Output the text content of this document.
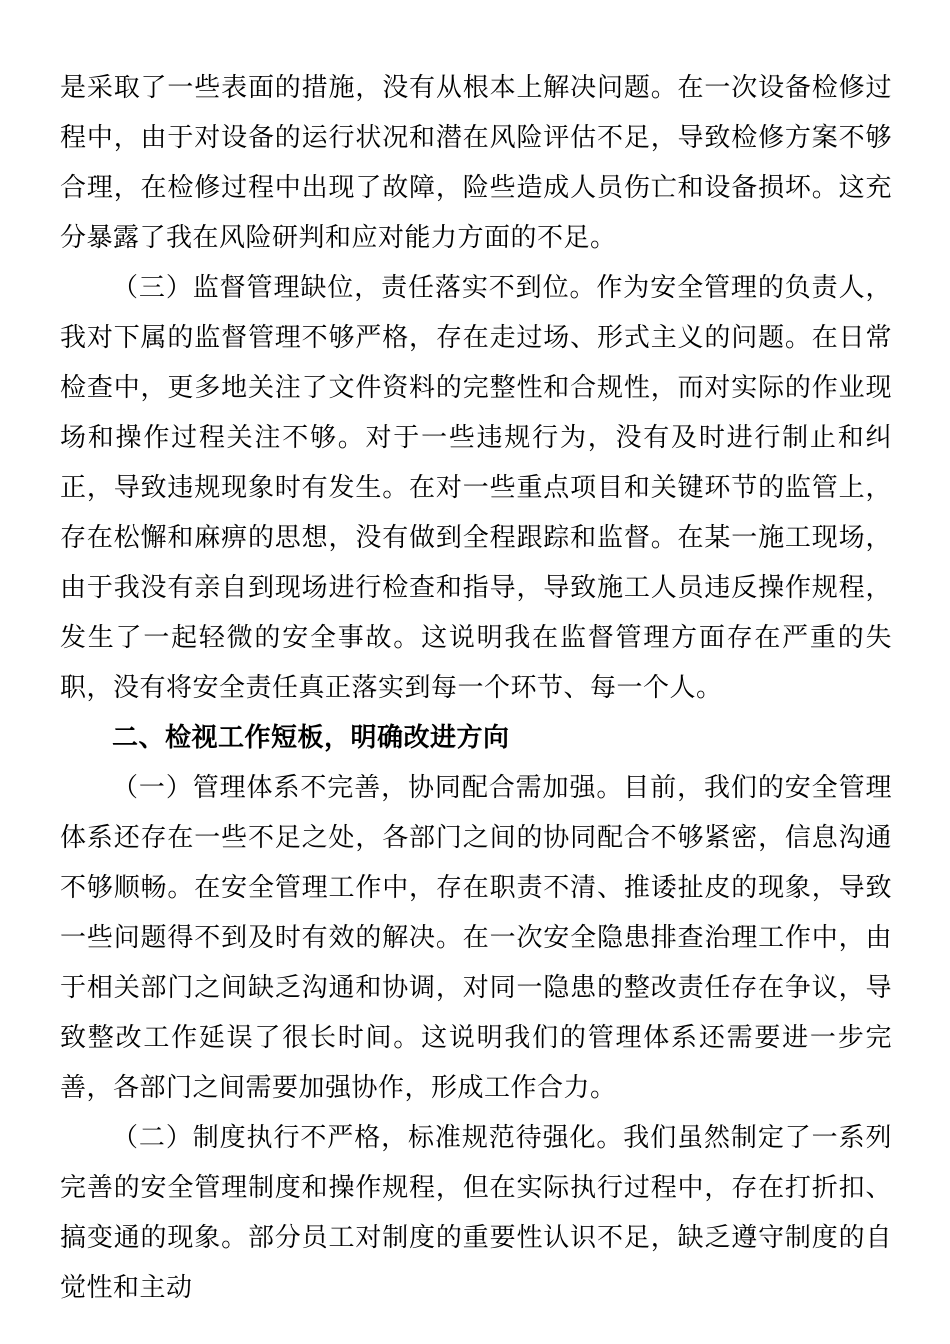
是采取了一些表面的措施，没有从根本上解决问题。在一次设备检修过程中，由于对设备的运行状况和潜在风险评估不足，导致检修方案不够合理，在检修过程中出现了故障，险些造成人员伤亡和设备损坏。这充分暴露了我在风险研判和应对能力方面的不足。

（三）监督管理缺位，责任落实不到位。作为安全管理的负责人，我对下属的监督管理不够严格，存在走过场、形式主义的问题。在日常检查中，更多地关注了文件资料的完整性和合规性，而对实际的作业现场和操作过程关注不够。对于一些违规行为，没有及时进行制止和纠正，导致违规现象时有发生。在对一些重点项目和关键环节的监管上，存在松懈和麻痹的思想，没有做到全程跟踪和监督。在某一施工现场，由于我没有亲自到现场进行检查和指导，导致施工人员违反操作规程，发生了一起轻微的安全事故。这说明我在监督管理方面存在严重的失职，没有将安全责任真正落实到每一个环节、每一个人。

二、检视工作短板，明确改进方向

（一）管理体系不完善，协同配合需加强。目前，我们的安全管理体系还存在一些不足之处，各部门之间的协同配合不够紧密，信息沟通不够顺畅。在安全管理工作中，存在职责不清、推诿扯皮的现象，导致一些问题得不到及时有效的解决。在一次安全隐患排查治理工作中，由于相关部门之间缺乏沟通和协调，对同一隐患的整改责任存在争议，导致整改工作延误了很长时间。这说明我们的管理体系还需要进一步完善，各部门之间需要加强协作，形成工作合力。

（二）制度执行不严格，标准规范待强化。我们虽然制定了一系列完善的安全管理制度和操作规程，但在实际执行过程中，存在打折扣、搞变通的现象。部分员工对制度的重要性认识不足，缺乏遵守制度的自觉性和主动
